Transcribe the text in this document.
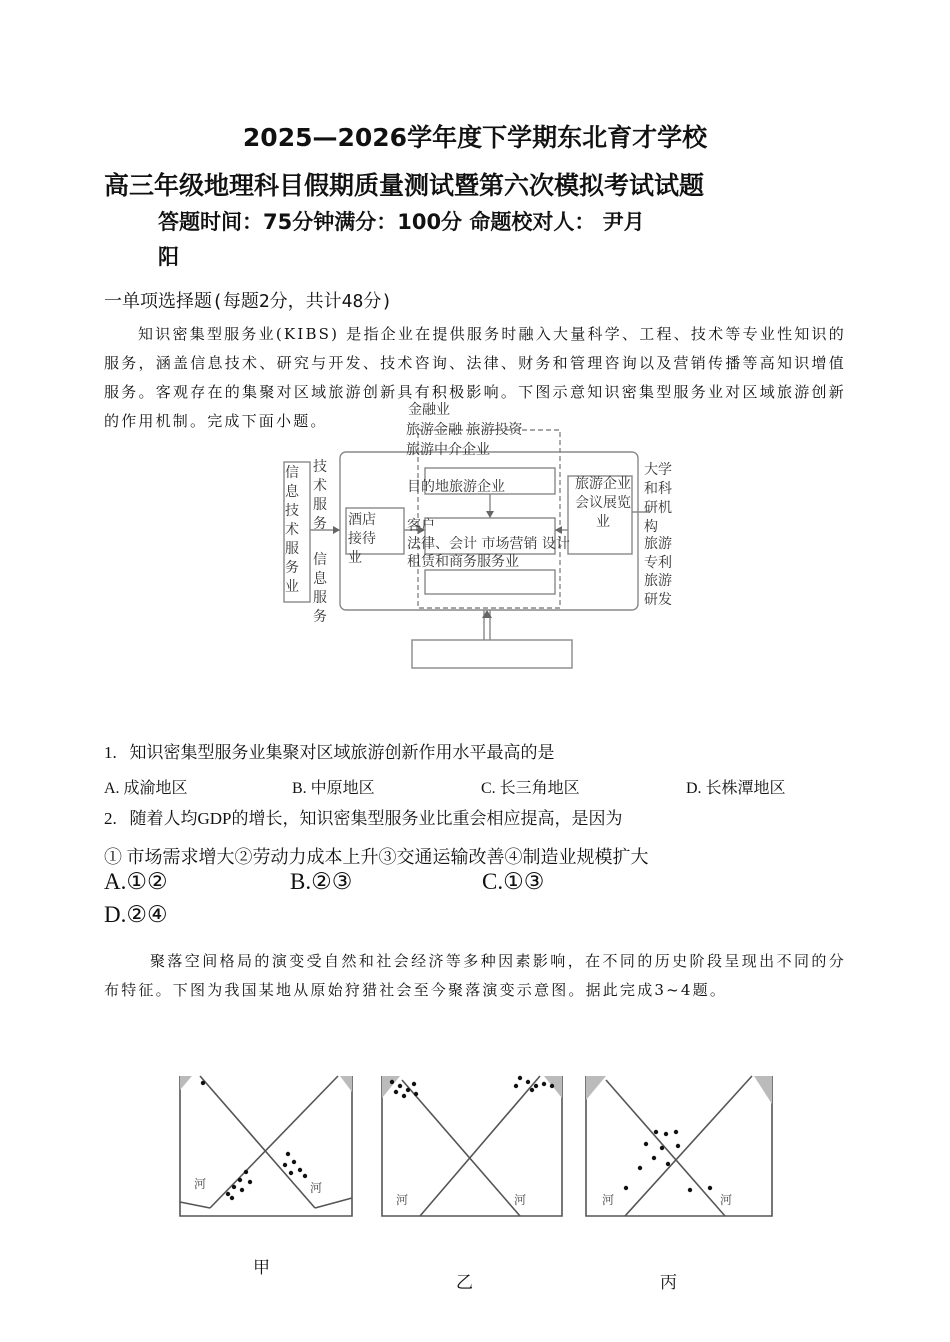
2025—2026学年度下学期东北育才学校
高三年级地理科目假期质量测试暨第六次模拟考试试题
答题时间：75分钟满分：100分 命题校对人： 尹月
阳
一单项选择题(每题2分，共计48分)
知识密集型服务业(KIBS) 是指企业在提供服务时融入大量科学、工程、技术等专业性知识的服务，涵盖信息技术、研究与开发、技术咨询、法律、财务和管理咨询以及营销传播等高知识增值服务。客观存在的集聚对区域旅游创新具有积极影响。下图示意知识密集型服务业对区域旅游创新的作用机制。完成下面小题。
金融业
旅游金融 旅游投资
旅游中介企业
目的地旅游企业
客户
法律、会计 市场营销 设计
租赁和商务服务业
信息技术服务业
技术服务
信息服务
酒店接待业
旅游企业会议展览业
大学和科研机构
旅游专利
旅游研发
1. 知识密集型服务业集聚对区域旅游创新作用水平最高的是
A. 成渝地区	B. 中原地区	C. 长三角地区	D. 长株潭地区
2. 随着人均GDP的增长，知识密集型服务业比重会相应提高，是因为
① 市场需求增大②劳动力成本上升③交通运输改善④制造业规模扩大
A.①②	B.②③	C.①③
D.②④
聚落空间格局的演变受自然和社会经济等多种因素影响，在不同的历史阶段呈现出不同的分布特征。下图为我国某地从原始狩猎社会至今聚落演变示意图。据此完成3~4题。
河	河
河	河	河	河
甲
乙	丙
